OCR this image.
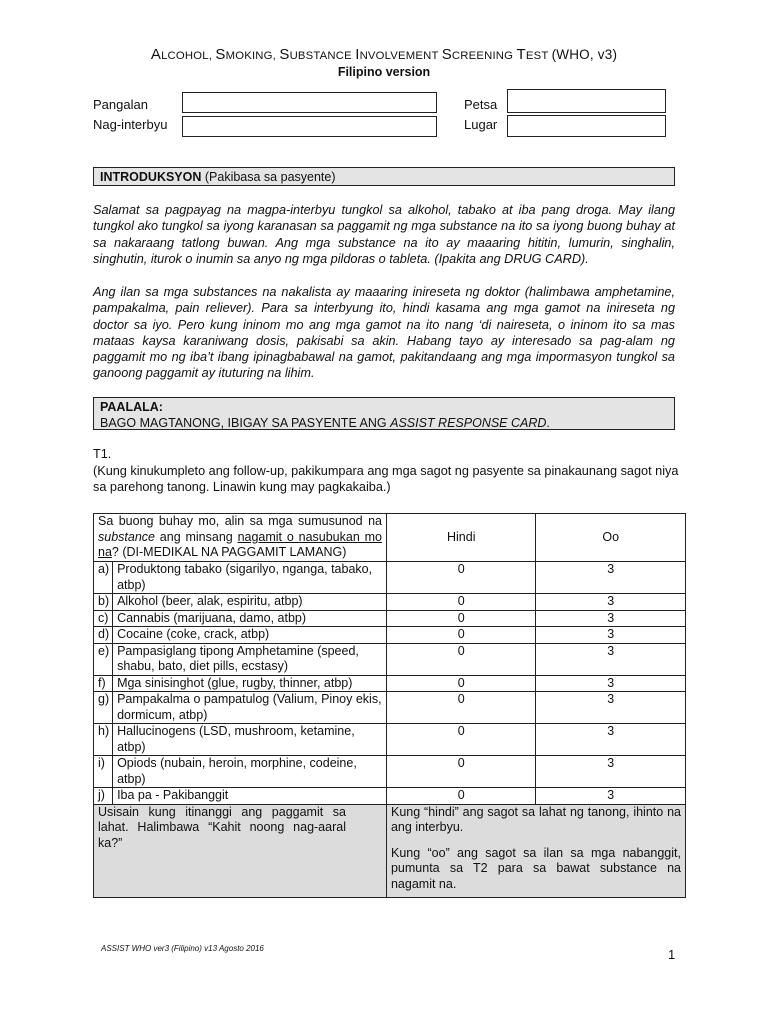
ALCOHOL, SMOKING, SUBSTANCE INVOLVEMENT SCREENING TEST (WHO, v3)
Filipino version
Pangalan
Nag-interbyu
Petsa
Lugar
INTRODUKSYON (Pakibasa sa pasyente)
Salamat sa pagpayag na magpa-interbyu tungkol sa alkohol, tabako at iba pang droga. May ilang tungkol ako tungkol sa iyong karanasan sa paggamit ng mga substance na ito sa iyong buong buhay at sa nakaraang tatlong buwan. Ang mga substance na ito ay maaaring hititin, lumurin, singhalin, singhutin, iturok o inumin sa anyo ng mga pildoras o tableta. (Ipakita ang DRUG CARD).
Ang ilan sa mga substances na nakalista ay maaaring inireseta ng doktor (halimbawa amphetamine, pampakalma, pain reliever). Para sa interbyung ito, hindi kasama ang mga gamot na inireseta ng doctor sa iyo. Pero kung ininom mo ang mga gamot na ito nang ‘di naireseta, o ininom ito sa mas mataas kaysa karaniwang dosis, pakisabi sa akin. Habang tayo ay interesado sa pag-alam ng paggamit mo ng iba’t ibang ipinagbabawal na gamot, pakitandaang ang mga impormasyon tungkol sa ganoong paggamit ay ituturing na lihim.
PAALALA:
BAGO MAGTANONG, IBIGAY SA PASYENTE ANG ASSIST RESPONSE CARD.
T1.
(Kung kinukumpleto ang follow-up, pakikumpara ang mga sagot ng pasyente sa pinakaunang sagot niya sa parehong tanong. Linawin kung may pagkakaiba.)
Sa buong buhay mo, alin sa mga sumusunod na substance ang minsang nagamit o nasubukan mo na? (DI-MEDIKAL NA PAGGAMIT LAMANG)		Hindi	Oo
a)	Produktong tabako (sigarilyo, nganga, tabako, atbp)	0	3
b)	Alkohol (beer, alak, espiritu, atbp)	0	3
c)	Cannabis (marijuana, damo, atbp)	0	3
d)	Cocaine (coke, crack, atbp)	0	3
e)	Pampasiglang tipong Amphetamine (speed, shabu, bato, diet pills, ecstasy)	0	3
f)	Mga sinisinghot (glue, rugby, thinner, atbp)	0	3
g)	Pampakalma o pampatulog (Valium, Pinoy ekis, dormicum, atbp)	0	3
h)	Hallucinogens (LSD, mushroom, ketamine, atbp)	0	3
i)	Opiods (nubain, heroin, morphine, codeine, atbp)	0	3
j)	Iba pa - Pakibanggit	0	3
Usisain kung itinanggi ang paggamit sa lahat. Halimbawa “Kahit noong nag-aaral ka?”		Kung “hindi” ang sagot sa lahat ng tanong, ihinto na ang interbyu.
Kung “oo” ang sagot sa ilan sa mga nabanggit, pumunta sa T2 para sa bawat substance na nagamit na.	
ASSIST WHO ver3 (Filipino) v13 Agosto 2016	1
